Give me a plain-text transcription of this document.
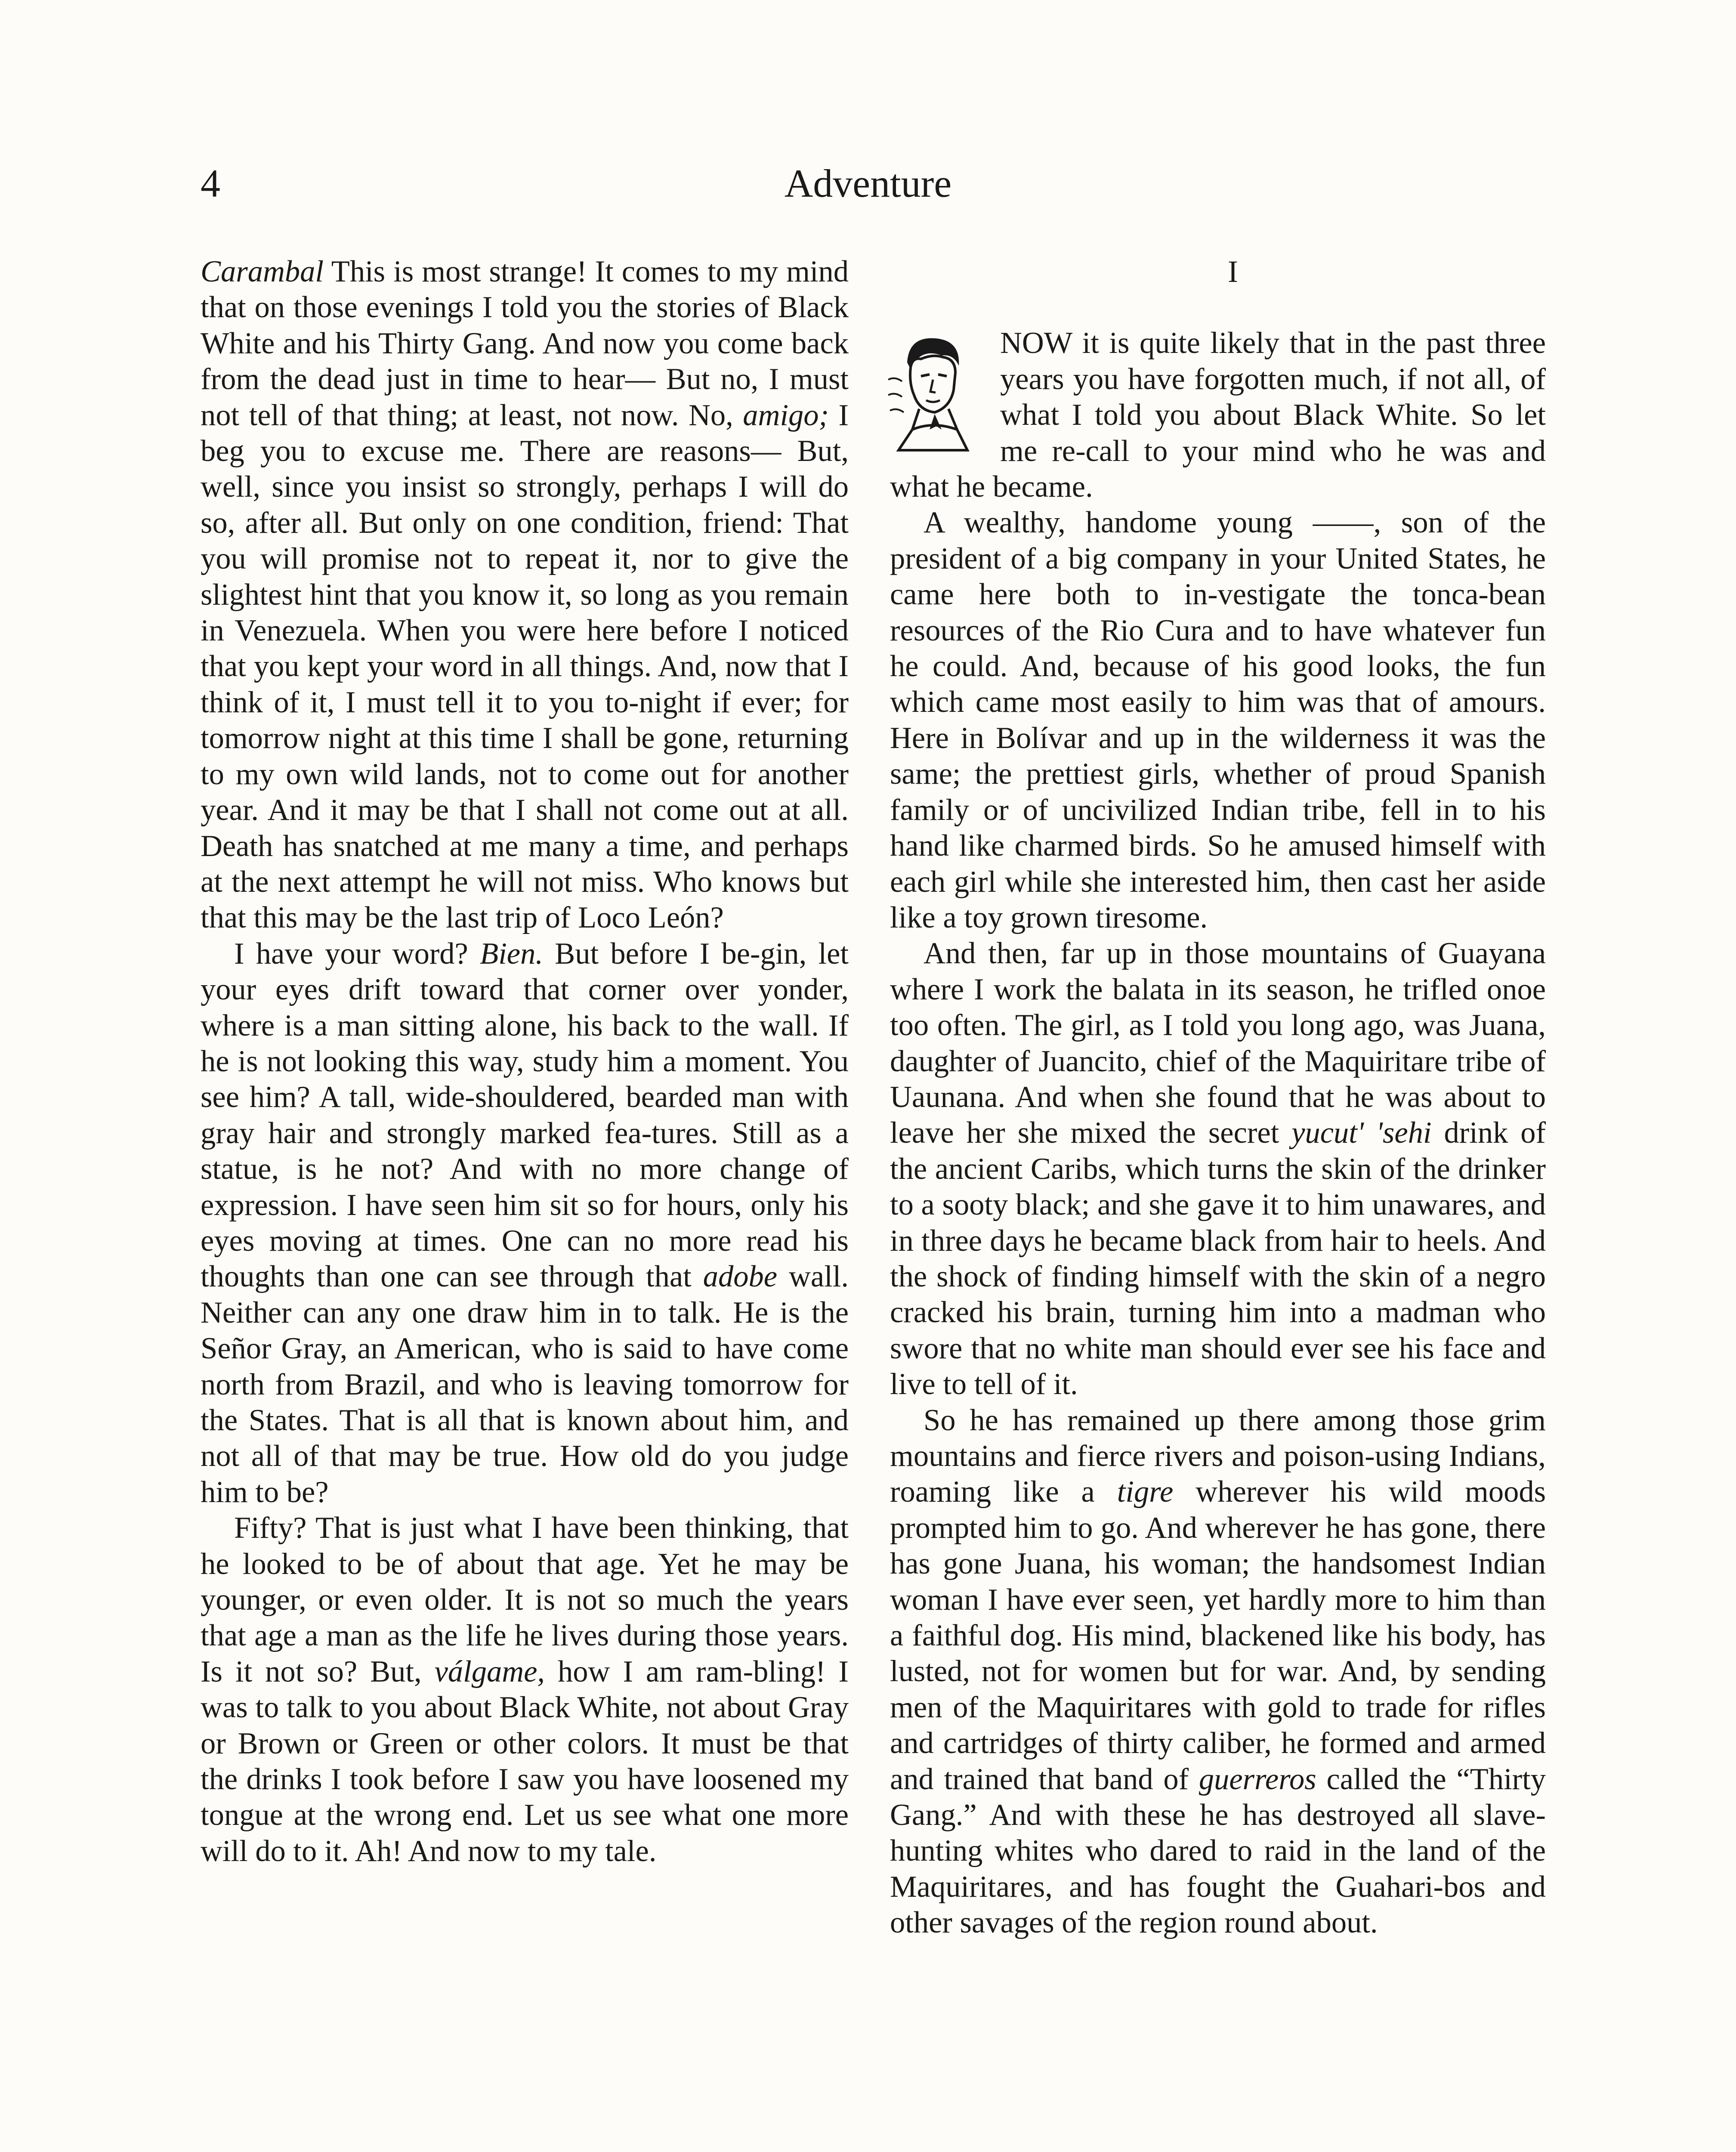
4	Adventure

Carambal This is most strange! It comes to my mind that on those evenings I told you the stories of Black White and his Thirty Gang. And now you come back from the dead just in time to hear— But no, I must not tell of that thing; at least, not now. No, amigo; I beg you to excuse me. There are reasons— But, well, since you insist so strongly, perhaps I will do so, after all. But only on one condition, friend: That you will promise not to repeat it, nor to give the slightest hint that you know it, so long as you remain in Venezuela. When you were here before I noticed that you kept your word in all things. And, now that I think of it, I must tell it to you to-night if ever; for tomorrow night at this time I shall be gone, returning to my own wild lands, not to come out for another year. And it may be that I shall not come out at all. Death has snatched at me many a time, and perhaps at the next attempt he will not miss. Who knows but that this may be the last trip of Loco León?

I have your word? Bien. But before I be-gin, let your eyes drift toward that corner over yonder, where is a man sitting alone, his back to the wall. If he is not looking this way, study him a moment. You see him? A tall, wide-shouldered, bearded man with gray hair and strongly marked fea-tures. Still as a statue, is he not? And with no more change of expression. I have seen him sit so for hours, only his eyes moving at times. One can no more read his thoughts than one can see through that adobe wall. Neither can any one draw him in to talk. He is the Señor Gray, an American, who is said to have come north from Brazil, and who is leaving tomorrow for the States. That is all that is known about him, and not all of that may be true. How old do you judge him to be?

Fifty? That is just what I have been thinking, that he looked to be of about that age. Yet he may be younger, or even older. It is not so much the years that age a man as the life he lives during those years. Is it not so? But, válgame, how I am ram-bling! I was to talk to you about Black White, not about Gray or Brown or Green or other colors. It must be that the drinks I took before I saw you have loosened my tongue at the wrong end. Let us see what one more will do to it. Ah! And now to my tale.

I

NOW it is quite likely that in the past three years you have forgotten much, if not all, of what I told you about Black White. So let me re-call to your mind who he was and what he became.

A wealthy, handome young ——, son of the president of a big company in your United States, he came here both to in-vestigate the tonca-bean resources of the Rio Cura and to have whatever fun he could. And, because of his good looks, the fun which came most easily to him was that of amours. Here in Bolívar and up in the wilderness it was the same; the prettiest girls, whether of proud Spanish family or of uncivilized Indian tribe, fell in to his hand like charmed birds. So he amused himself with each girl while she interested him, then cast her aside like a toy grown tiresome.

And then, far up in those mountains of Guayana where I work the balata in its season, he trifled onoe too often. The girl, as I told you long ago, was Juana, daughter of Juancito, chief of the Maquiritare tribe of Uaunana. And when she found that he was about to leave her she mixed the secret yucut' 'sehi drink of the ancient Caribs, which turns the skin of the drinker to a sooty black; and she gave it to him unawares, and in three days he became black from hair to heels. And the shock of finding himself with the skin of a negro cracked his brain, turning him into a madman who swore that no white man should ever see his face and live to tell of it.

So he has remained up there among those grim mountains and fierce rivers and poison-using Indians, roaming like a tigre wherever his wild moods prompted him to go. And wherever he has gone, there has gone Juana, his woman; the handsomest Indian woman I have ever seen, yet hardly more to him than a faithful dog. His mind, blackened like his body, has lusted, not for women but for war. And, by sending men of the Maquiritares with gold to trade for rifles and cartridges of thirty caliber, he formed and armed and trained that band of guerreros called the “Thirty Gang.” And with these he has destroyed all slave-hunting whites who dared to raid in the land of the Maquiritares, and has fought the Guahari-bos and other savages of the region round about.
